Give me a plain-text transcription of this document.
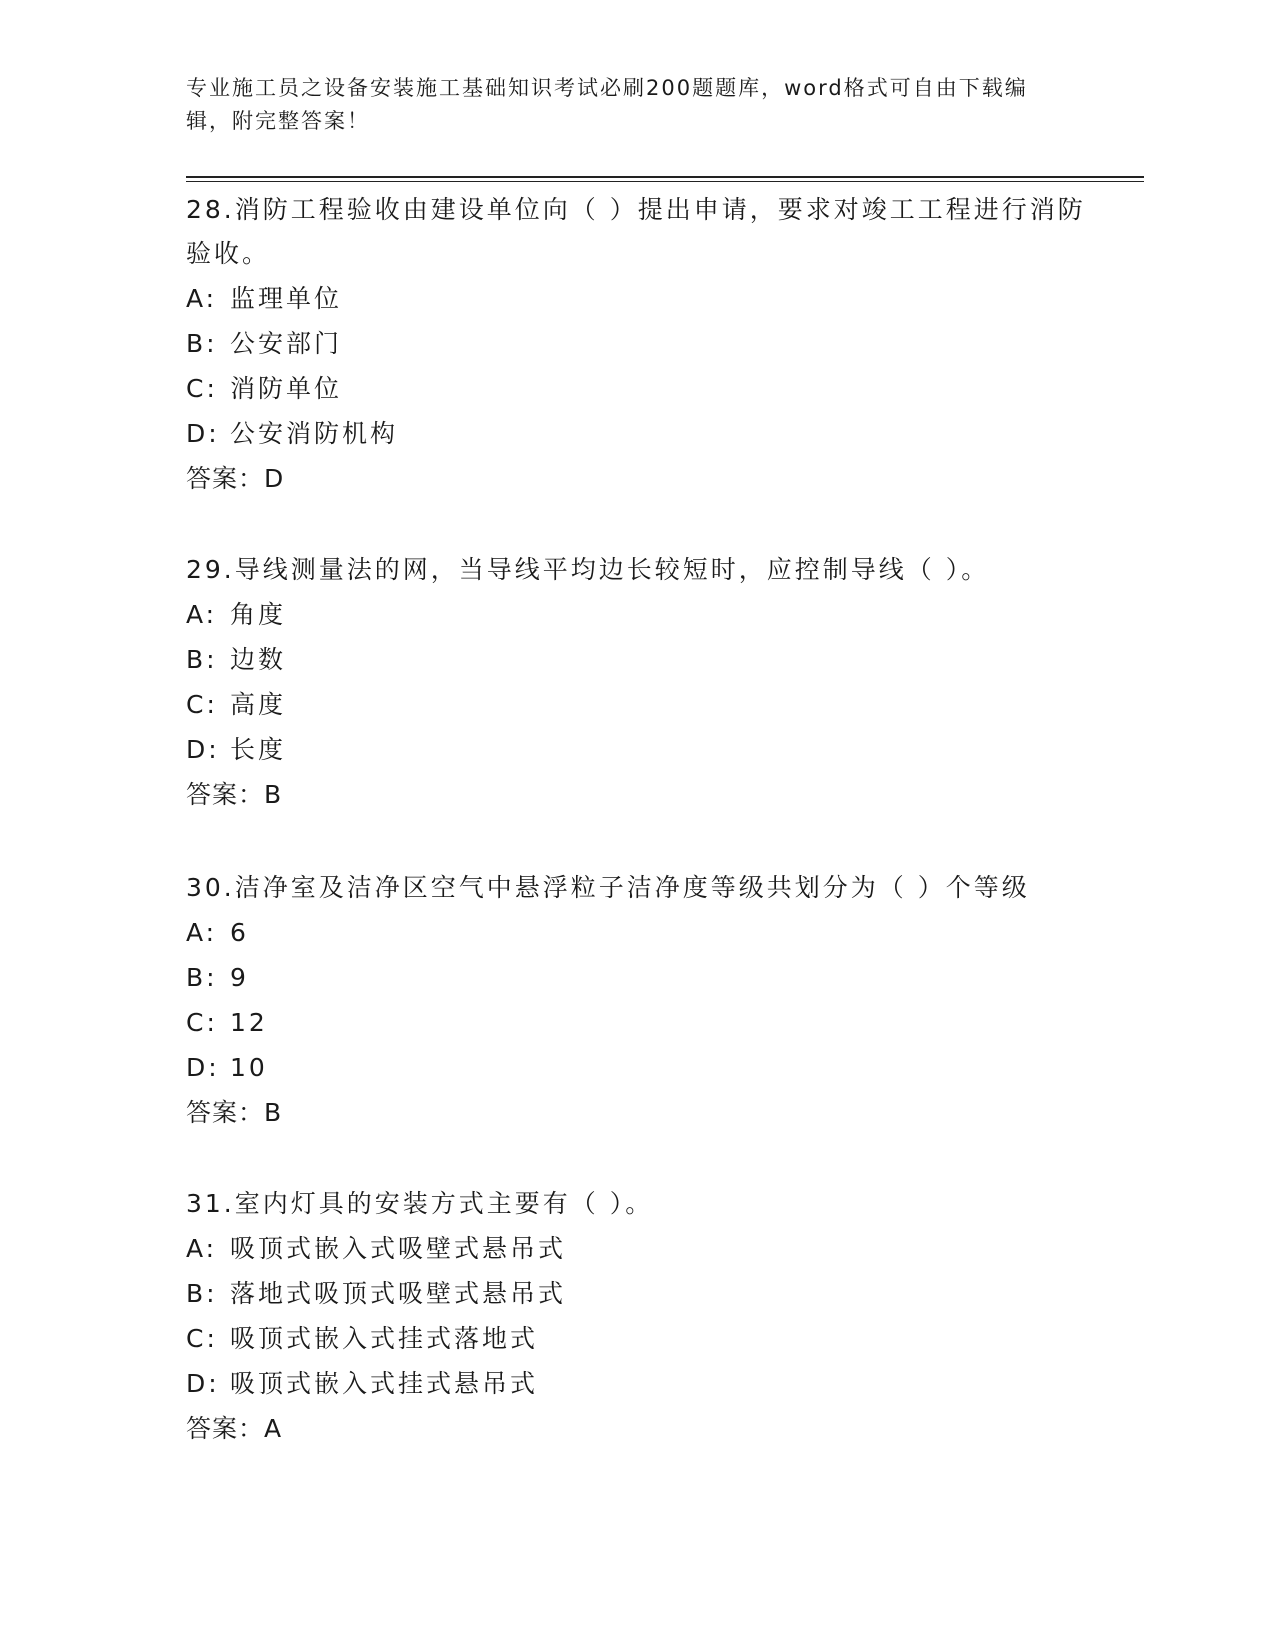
专业施工员之设备安装施工基础知识考试必刷200题题库，word格式可自由下载编辑，附完整答案！

28.消防工程验收由建设单位向（ ）提出申请，要求对竣工工程进行消防验收。

A: 监理单位

B: 公安部门

C: 消防单位

D: 公安消防机构

答案：D

29.导线测量法的网，当导线平均边长较短时，应控制导线（ ）。

A: 角度

B: 边数

C: 高度

D: 长度

答案：B

30.洁净室及洁净区空气中悬浮粒子洁净度等级共划分为（ ）个等级

A: 6

B: 9

C: 12

D: 10

答案：B

31.室内灯具的安装方式主要有（ ）。

A: 吸顶式嵌入式吸壁式悬吊式

B: 落地式吸顶式吸壁式悬吊式

C: 吸顶式嵌入式挂式落地式

D: 吸顶式嵌入式挂式悬吊式

答案：A
